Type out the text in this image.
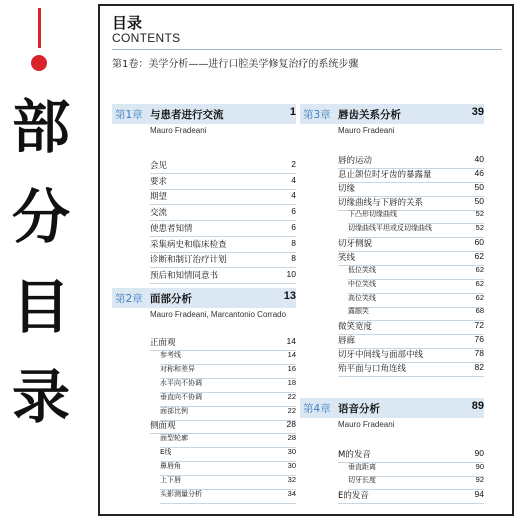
部
分
目
录
目录
CONTENTS
第1卷：美学分析——进行口腔美学修复治疗的系统步骤
第1章 与患者进行交流	1
Mauro Fradeani
会见	2
要求	4
期望	4
交流	6
使患者知情	6
采集病史和临床检查	8
诊断和制订治疗计划	8
预后和知情同意书	10
第2章 面部分析	13
Mauro Fradeani, Marcantonio Corrado
正面观	14
参考线	14
对称和差异	16
水平向不协调	18
垂直向不协调	22
面部比例	22
侧面观	28
面型轮廓	28
E线	30
鼻唇角	30
上下唇	32
头影测量分析	34
第3章 唇齿关系分析	39
Mauro Fradeani
唇的运动	40
息止颌位时牙齿的暴露量	46
切缘	50
切缘曲线与下唇的关系	50
下凸形切缘曲线	52
切缘曲线平坦或反切缘曲线	52
切牙侧貌	60
笑线	62
低位笑线	62
中位笑线	62
高位笑线	62
露龈笑	68
微笑宽度	72
唇廊	76
切牙中间线与面部中线	78
殆平面与口角连线	82
第4章 语音分析	89
Mauro Fradeani
M的发音	90
垂直距离	90
切牙长度	92
E的发音	94
